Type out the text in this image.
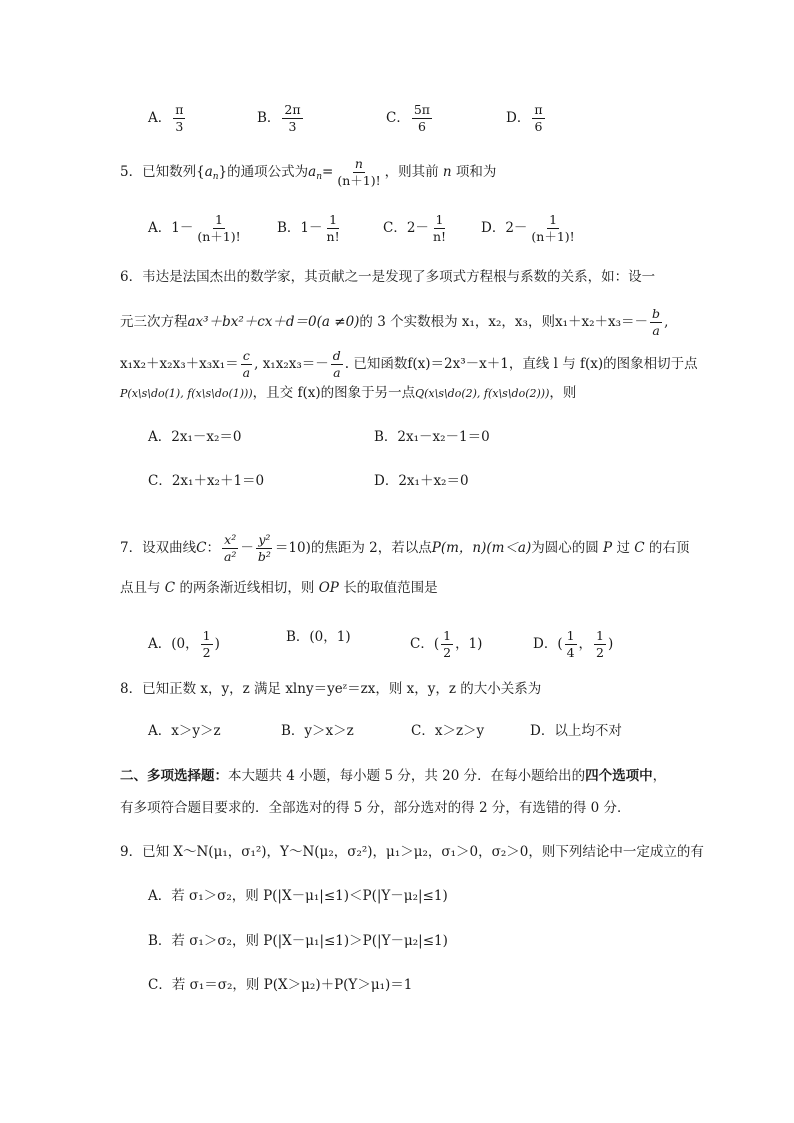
A． $\frac{\pi}{3}$	B． $\frac{2\pi}{3}$	C． $\frac{5\pi}{6}$	D． $\frac{\pi}{6}$
5．已知数列$\{a_n\}$的通项公式为$a_n= \frac{n}{(n+1)!}$ ，则其前 n 项和为
A．$1- \frac{1}{(n+1)!}$	B．$1- \frac{1}{n!}$	C．$2- \frac{1}{n!}$ D．$2- \frac{1}{(n+1)!}$
6．韦达是法国杰出的数学家，其贡献之一是发现了多项式方程根与系数的关系，如：设一
元三次方程ax³＋bx²＋cx＋d＝0(a ≠0)的 3 个实数根为 x₁，x₂，x₃，则$x_1+x_2+x_3=- \frac{b}{a}$ ,
$x_1x_2+x_2x_3+x_3x_1= \frac{c}{a}$ , $x_1x_2x_3=- \frac{d}{a}$ . 已知函数f(x)＝2x³－x＋1，直线 l 与 f(x)的图象相切于点
P(x\s\do(1), f(x\s\do(1)))，且交 f(x)的图象于另一点Q(x\s\do(2), f(x\s\do(2)))，则
A．2x₁－x₂＝0	B．2x₁－x₂－1＝0
C．2x₁＋x₂＋1＝0	D．2x₁＋x₂＝0
7．设双曲线C： $\frac{\text{x²}}{\text{a²}} - \frac{\text{y²}}{\text{b²}} =10$)的焦距为 2，若以点P(m，n)(m＜a)为圆心的圆 P 过 C 的右顶
点且与 C 的两条渐近线相切，则 OP 长的取值范围是
A．(0， $\frac{1}{2}$ )	B．(0，1)	C．( $\frac{1}{2}$ ，1)	D．( $\frac{1}{4}$ ， $\frac{1}{2}$ )
8．已知正数 x，y，z 满足 xlny＝yeᶻ＝zx，则 x，y，z 的大小关系为
A．x＞y＞z	B．y＞x＞z	C．x＞z＞y	D．以上均不对
二、多项选择题：本大题共 4 小题，每小题 5 分，共 20 分．在每小题给出的四个选项中，
有多项符合题目要求的．全部选对的得 5 分，部分选对的得 2 分，有选错的得 0 分．
9．已知 X～N(μ₁，σ₁²)，Y～N(μ₂，σ₂²)，μ₁＞μ₂，σ₁＞0，σ₂＞0，则下列结论中一定成立的有
A．若 σ₁＞σ₂，则 P(|X－μ₁|≤1)＜P(|Y－μ₂|≤1)
B．若 σ₁＞σ₂，则 P(|X－μ₁|≤1)＞P(|Y－μ₂|≤1)
C．若 σ₁＝σ₂，则 P(X＞μ₂)＋P(Y＞μ₁)＝1
